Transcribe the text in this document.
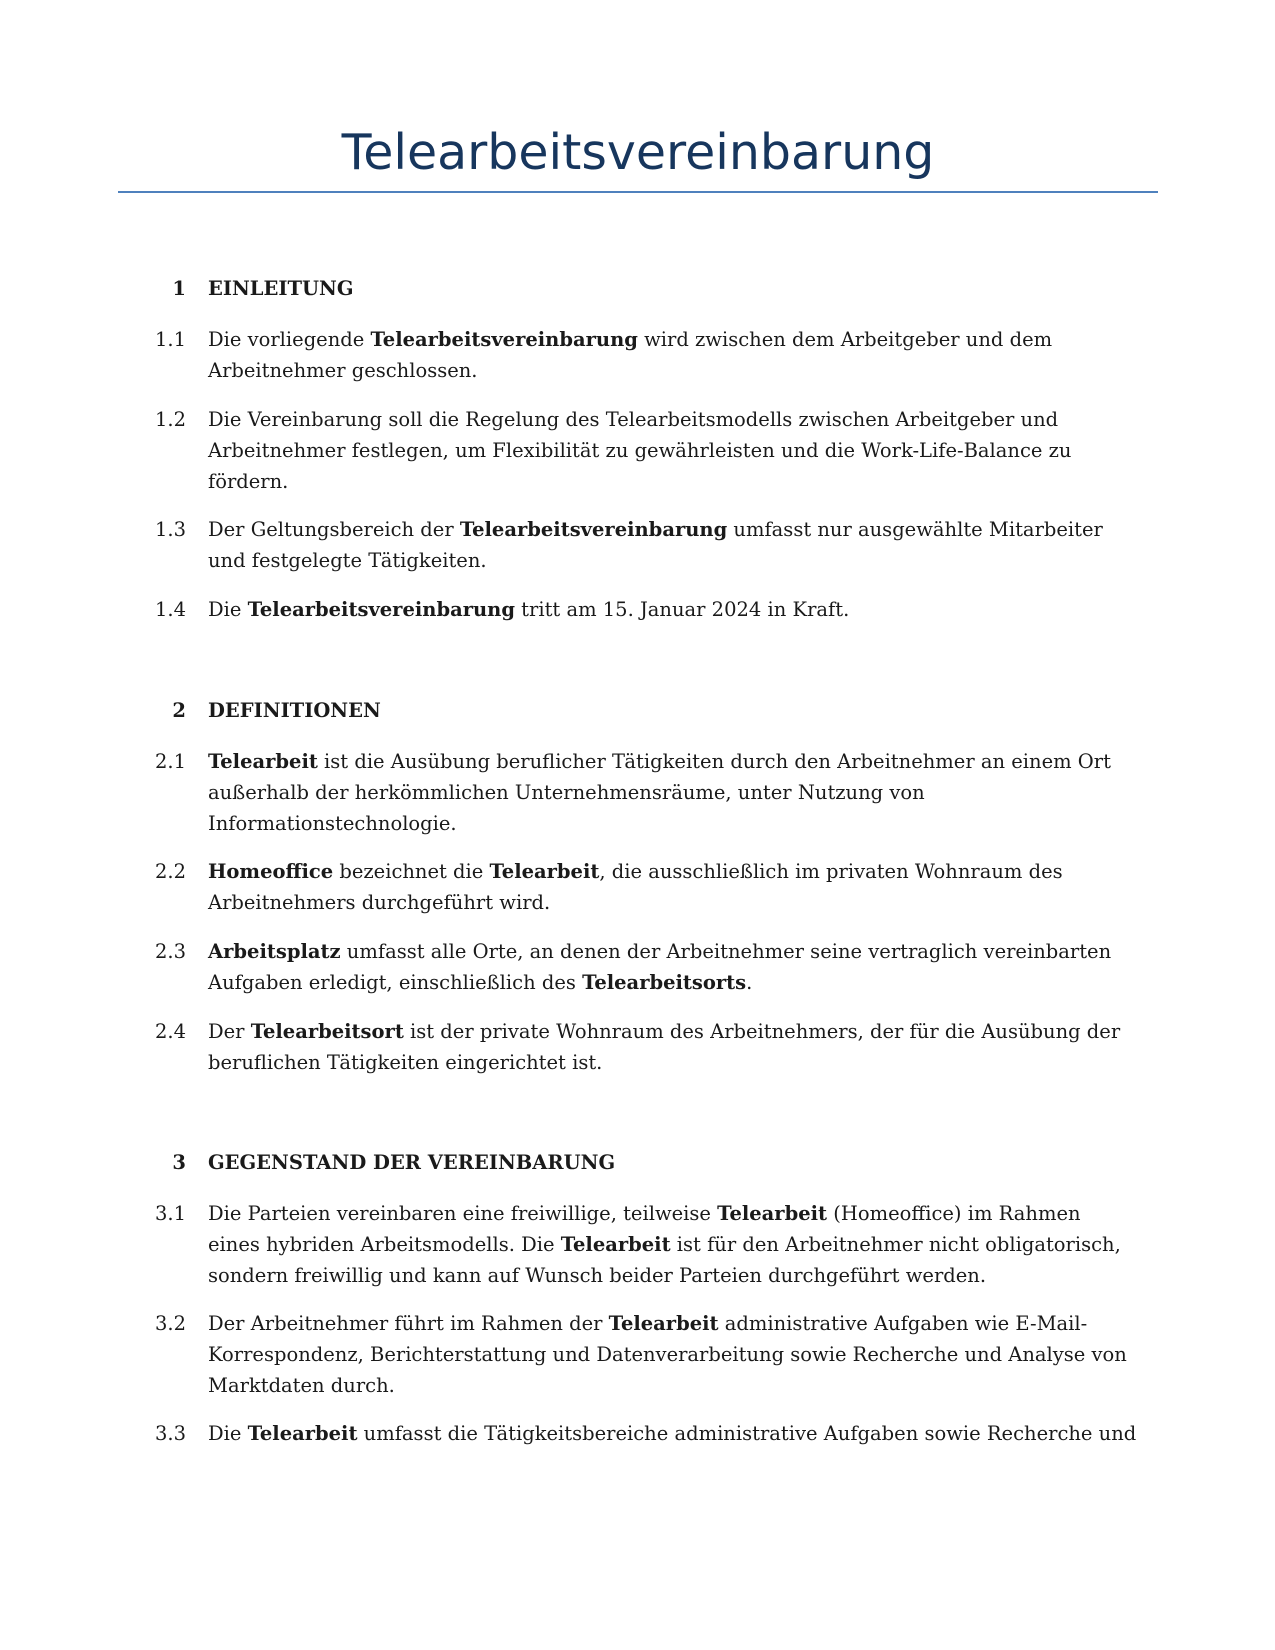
Telearbeitsvereinbarung
1 EINLEITUNG
1.1 Die vorliegende Telearbeitsvereinbarung wird zwischen dem Arbeitgeber und dem Arbeitnehmer geschlossen.
1.2 Die Vereinbarung soll die Regelung des Telearbeitsmodells zwischen Arbeitgeber und Arbeitnehmer festlegen, um Flexibilität zu gewährleisten und die Work-Life-Balance zu fördern.
1.3 Der Geltungsbereich der Telearbeitsvereinbarung umfasst nur ausgewählte Mitarbeiter und festgelegte Tätigkeiten.
1.4 Die Telearbeitsvereinbarung tritt am 15. Januar 2024 in Kraft.
2 DEFINITIONEN
2.1 Telearbeit ist die Ausübung beruflicher Tätigkeiten durch den Arbeitnehmer an einem Ort außerhalb der herkömmlichen Unternehmensräume, unter Nutzung von Informationstechnologie.
2.2 Homeoffice bezeichnet die Telearbeit, die ausschließlich im privaten Wohnraum des Arbeitnehmers durchgeführt wird.
2.3 Arbeitsplatz umfasst alle Orte, an denen der Arbeitnehmer seine vertraglich vereinbarten Aufgaben erledigt, einschließlich des Telearbeitsorts.
2.4 Der Telearbeitsort ist der private Wohnraum des Arbeitnehmers, der für die Ausübung der beruflichen Tätigkeiten eingerichtet ist.
3 GEGENSTAND DER VEREINBARUNG
3.1 Die Parteien vereinbaren eine freiwillige, teilweise Telearbeit (Homeoffice) im Rahmen eines hybriden Arbeitsmodells. Die Telearbeit ist für den Arbeitnehmer nicht obligatorisch, sondern freiwillig und kann auf Wunsch beider Parteien durchgeführt werden.
3.2 Der Arbeitnehmer führt im Rahmen der Telearbeit administrative Aufgaben wie E-Mail-Korrespondenz, Berichterstattung und Datenverarbeitung sowie Recherche und Analyse von Marktdaten durch.
3.3 Die Telearbeit umfasst die Tätigkeitsbereiche administrative Aufgaben sowie Recherche und
